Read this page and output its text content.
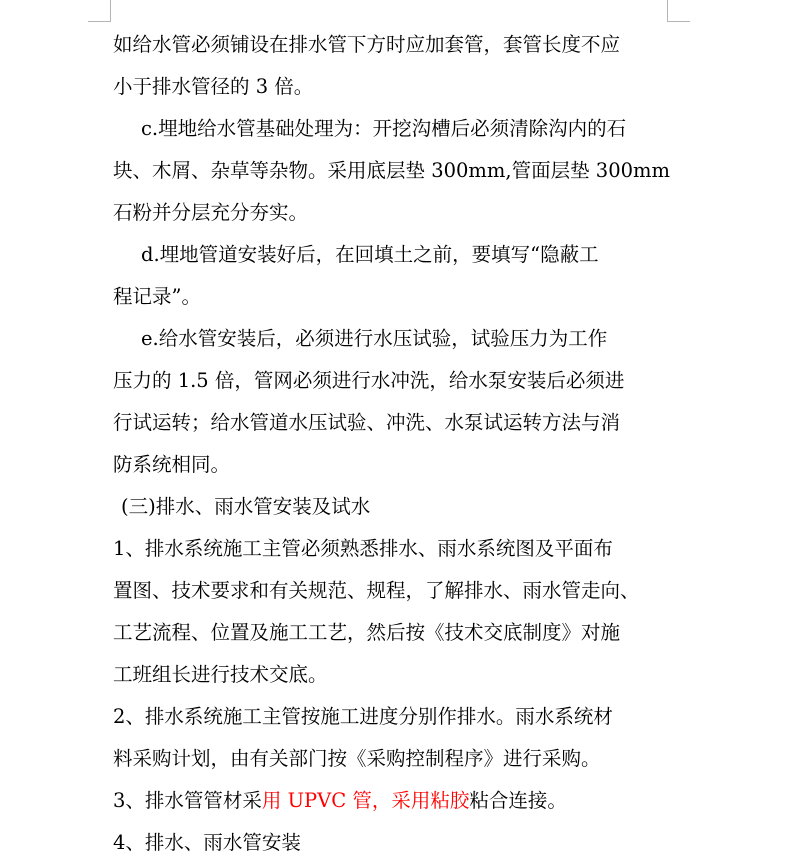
如给水管必须铺设在排水管下方时应加套管，套管长度不应
小于排水管径的 3 倍。
c.埋地给水管基础处理为：开挖沟槽后必须清除沟内的石
块、木屑、杂草等杂物。采用底层垫 300mm,管面层垫 300mm
石粉并分层充分夯实。
d.埋地管道安装好后，在回填土之前，要填写“隐蔽工
程记录”。
e.给水管安装后，必须进行水压试验，试验压力为工作
压力的 1.5 倍，管网必须进行水冲洗，给水泵安装后必须进
行试运转；给水管道水压试验、冲洗、水泵试运转方法与消
防系统相同。
(三)排水、雨水管安装及试水
1、排水系统施工主管必须熟悉排水、雨水系统图及平面布
置图、技术要求和有关规范、规程，了解排水、雨水管走向、
工艺流程、位置及施工工艺，然后按《技术交底制度》对施
工班组长进行技术交底。
2、排水系统施工主管按施工进度分别作排水。雨水系统材
料采购计划，由有关部门按《采购控制程序》进行采购。
3、排水管管材采用 UPVC 管，采用粘胶粘合连接。
4、排水、雨水管安装
